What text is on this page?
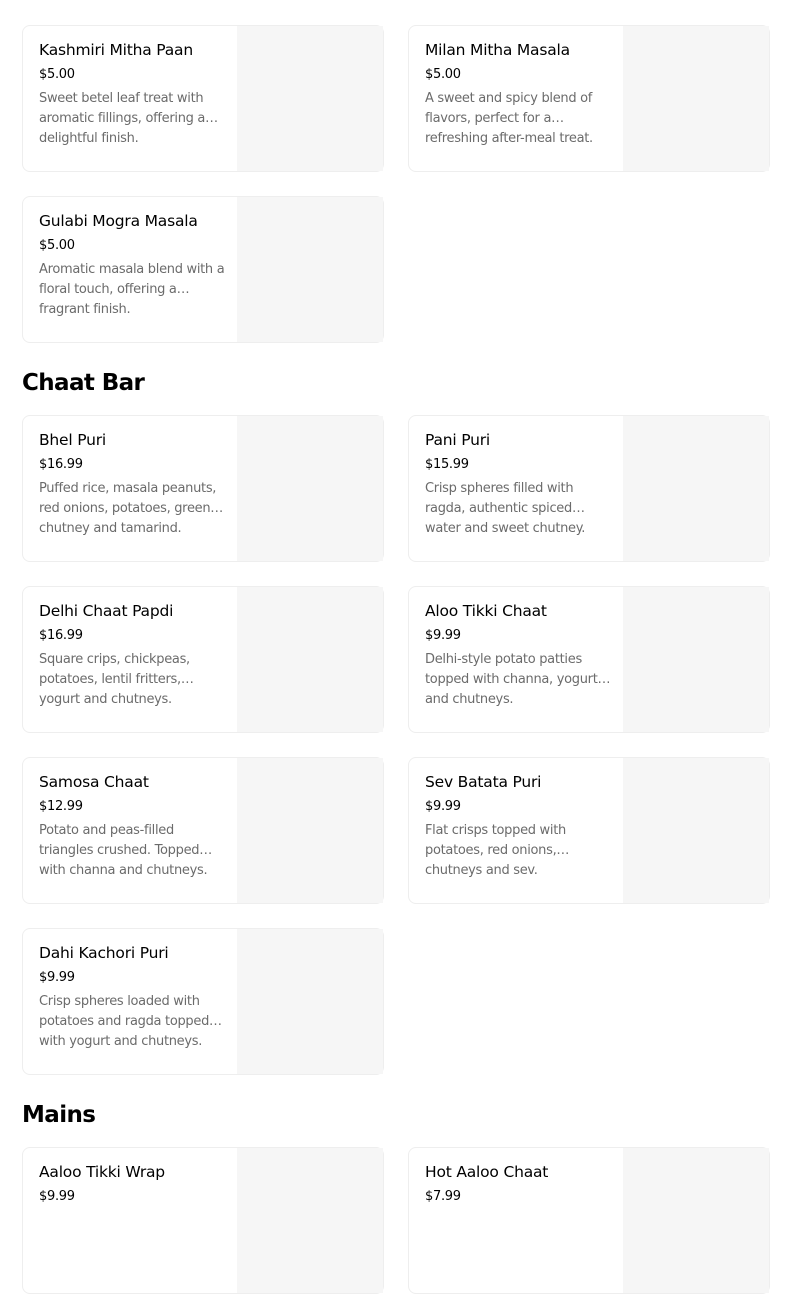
Kashmiri Mitha Paan
$5.00
Sweet betel leaf treat with aromatic fillings, offering a delightful finish.
Milan Mitha Masala
$5.00
A sweet and spicy blend of flavors, perfect for a refreshing after-meal treat.
Gulabi Mogra Masala
$5.00
Aromatic masala blend with a floral touch, offering a fragrant finish.
Chaat Bar
Bhel Puri
$16.99
Puffed rice, masala peanuts, red onions, potatoes, green chutney and tamarind.
Pani Puri
$15.99
Crisp spheres filled with ragda, authentic spiced water and sweet chutney.
Delhi Chaat Papdi
$16.99
Square crips, chickpeas, potatoes, lentil fritters, yogurt and chutneys.
Aloo Tikki Chaat
$9.99
Delhi-style potato patties topped with channa, yogurt and chutneys.
Samosa Chaat
$12.99
Potato and peas-filled triangles crushed. Topped with channa and chutneys.
Sev Batata Puri
$9.99
Flat crisps topped with potatoes, red onions, chutneys and sev.
Dahi Kachori Puri
$9.99
Crisp spheres loaded with potatoes and ragda topped with yogurt and chutneys.
Mains
Aaloo Tikki Wrap
$9.99
Hot Aaloo Chaat
$7.99
